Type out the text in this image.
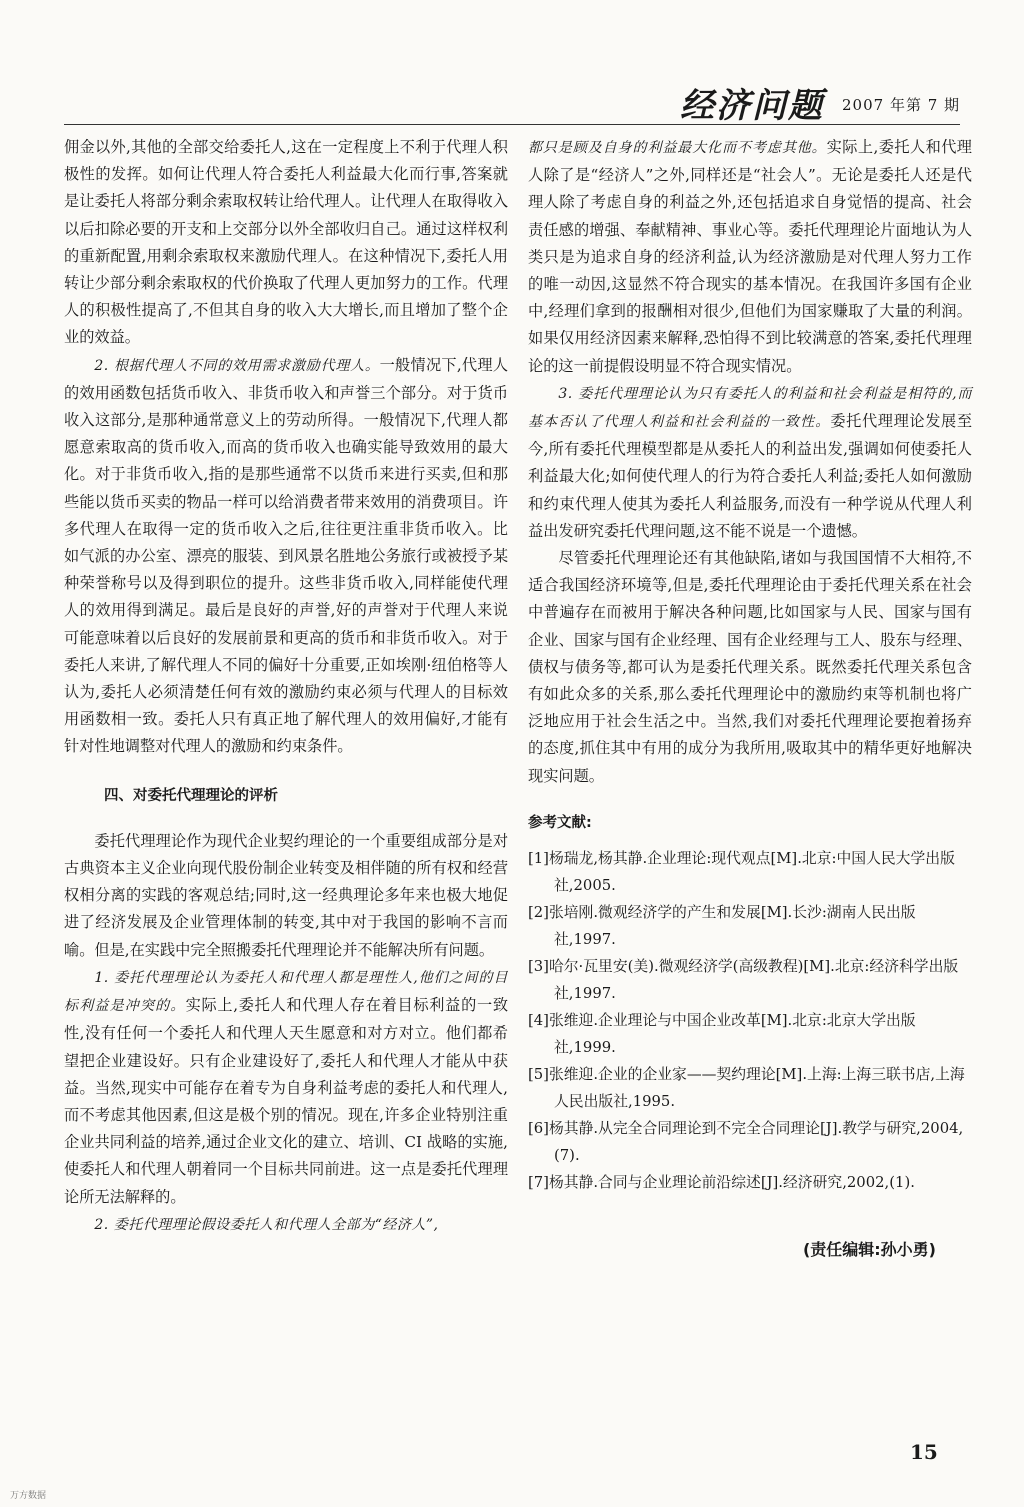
经济问题 2007 年第 7 期

佣金以外,其他的全部交给委托人,这在一定程度上不利于代理人积极性的发挥。如何让代理人符合委托人利益最大化而行事,答案就是让委托人将部分剩余索取权转让给代理人。让代理人在取得收入以后扣除必要的开支和上交部分以外全部收归自己。通过这样权利的重新配置,用剩余索取权来激励代理人。在这种情况下,委托人用转让少部分剩余索取权的代价换取了代理人更加努力的工作。代理人的积极性提高了,不但其自身的收入大大增长,而且增加了整个企业的效益。

2. 根据代理人不同的效用需求激励代理人。一般情况下,代理人的效用函数包括货币收入、非货币收入和声誉三个部分。对于货币收入这部分,是那种通常意义上的劳动所得。一般情况下,代理人都愿意索取高的货币收入,而高的货币收入也确实能导致效用的最大化。对于非货币收入,指的是那些通常不以货币来进行买卖,但和那些能以货币买卖的物品一样可以给消费者带来效用的消费项目。许多代理人在取得一定的货币收入之后,往往更注重非货币收入。比如气派的办公室、漂亮的服装、到风景名胜地公务旅行或被授予某种荣誉称号以及得到职位的提升。这些非货币收入,同样能使代理人的效用得到满足。最后是良好的声誉,好的声誉对于代理人来说可能意味着以后良好的发展前景和更高的货币和非货币收入。对于委托人来讲,了解代理人不同的偏好十分重要,正如埃刚·纽伯格等人认为,委托人必须清楚任何有效的激励约束必须与代理人的目标效用函数相一致。委托人只有真正地了解代理人的效用偏好,才能有针对性地调整对代理人的激励和约束条件。

四、对委托代理理论的评析

委托代理理论作为现代企业契约理论的一个重要组成部分是对古典资本主义企业向现代股份制企业转变及相伴随的所有权和经营权相分离的实践的客观总结;同时,这一经典理论多年来也极大地促进了经济发展及企业管理体制的转变,其中对于我国的影响不言而喻。但是,在实践中完全照搬委托代理理论并不能解决所有问题。

1. 委托代理理论认为委托人和代理人都是理性人,他们之间的目标利益是冲突的。实际上,委托人和代理人存在着目标利益的一致性,没有任何一个委托人和代理人天生愿意和对方对立。他们都希望把企业建设好。只有企业建设好了,委托人和代理人才能从中获益。当然,现实中可能存在着专为自身利益考虑的委托人和代理人,而不考虑其他因素,但这是极个别的情况。现在,许多企业特别注重企业共同利益的培养,通过企业文化的建立、培训、CI 战略的实施,使委托人和代理人朝着同一个目标共同前进。这一点是委托代理理论所无法解释的。

2. 委托代理理论假设委托人和代理人全部为“经济人”,

都只是顾及自身的利益最大化而不考虑其他。实际上,委托人和代理人除了是“经济人”之外,同样还是“社会人”。无论是委托人还是代理人除了考虑自身的利益之外,还包括追求自身觉悟的提高、社会责任感的增强、奉献精神、事业心等。委托代理理论片面地认为人类只是为追求自身的经济利益,认为经济激励是对代理人努力工作的唯一动因,这显然不符合现实的基本情况。在我国许多国有企业中,经理们拿到的报酬相对很少,但他们为国家赚取了大量的利润。如果仅用经济因素来解释,恐怕得不到比较满意的答案,委托代理理论的这一前提假设明显不符合现实情况。

3. 委托代理理论认为只有委托人的利益和社会利益是相符的,而基本否认了代理人利益和社会利益的一致性。委托代理理论发展至今,所有委托代理模型都是从委托人的利益出发,强调如何使委托人利益最大化;如何使代理人的行为符合委托人利益;委托人如何激励和约束代理人使其为委托人利益服务,而没有一种学说从代理人利益出发研究委托代理问题,这不能不说是一个遗憾。

尽管委托代理理论还有其他缺陷,诸如与我国国情不大相符,不适合我国经济环境等,但是,委托代理理论由于委托代理关系在社会中普遍存在而被用于解决各种问题,比如国家与人民、国家与国有企业、国家与国有企业经理、国有企业经理与工人、股东与经理、债权与债务等,都可认为是委托代理关系。既然委托代理关系包含有如此众多的关系,那么委托代理理论中的激励约束等机制也将广泛地应用于社会生活之中。当然,我们对委托代理理论要抱着扬弃的态度,抓住其中有用的成分为我所用,吸取其中的精华更好地解决现实问题。

参考文献:

[1]杨瑞龙,杨其静.企业理论:现代观点[M].北京:中国人民大学出版社,2005.

[2]张培刚.微观经济学的产生和发展[M].长沙:湖南人民出版社,1997.

[3]哈尔·瓦里安(美).微观经济学(高级教程)[M].北京:经济科学出版社,1997.

[4]张维迎.企业理论与中国企业改革[M].北京:北京大学出版社,1999.

[5]张维迎.企业的企业家——契约理论[M].上海:上海三联书店,上海人民出版社,1995.

[6]杨其静.从完全合同理论到不完全合同理论[J].教学与研究,2004,(7).

[7]杨其静.合同与企业理论前沿综述[J].经济研究,2002,(1).

(责任编辑:孙小勇)

15
万方数据
